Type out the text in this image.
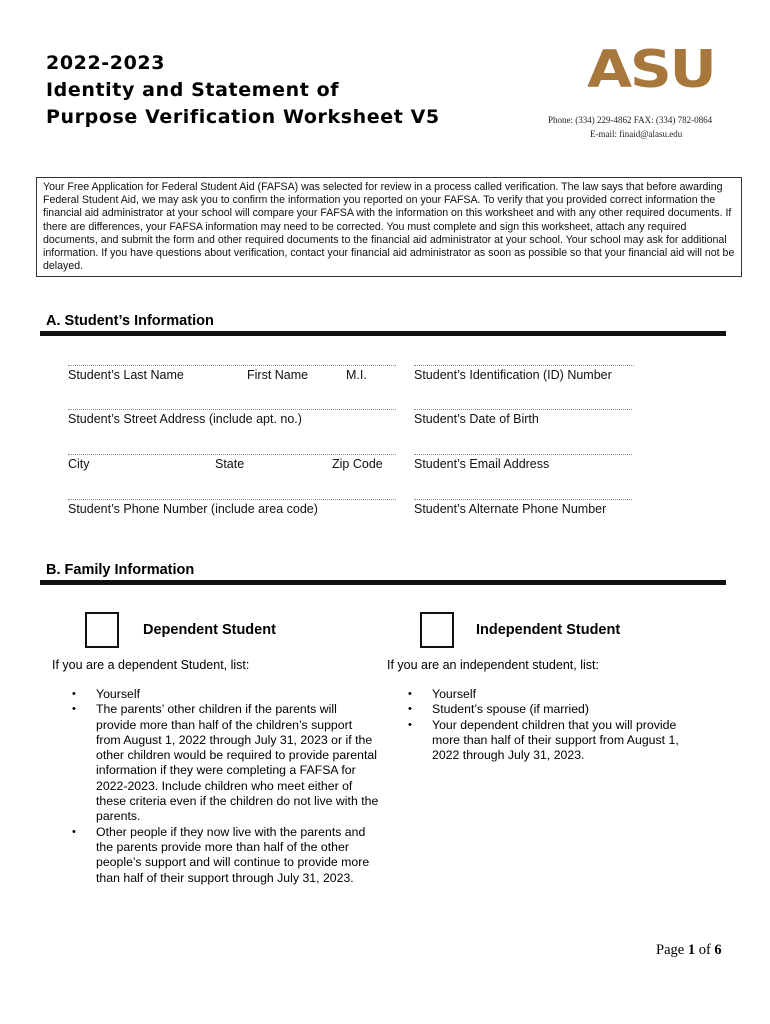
2022-2023
Identity and Statement of
Purpose Verification Worksheet V5
ASU
Phone: (334) 229-4862 FAX: (334) 782-0864
E-mail: finaid@alasu.edu
Your Free Application for Federal Student Aid (FAFSA) was selected for review in a process called verification. The law says that before awarding Federal Student Aid, we may ask you to confirm the information you reported on your FAFSA. To verify that you provided correct information the financial aid administrator at your school will compare your FAFSA with the information on this worksheet and with any other required documents. If there are differences, your FAFSA information may need to be corrected. You must complete and sign this worksheet, attach any required documents, and submit the form and other required documents to the financial aid administrator at your school. Your school may ask for additional information. If you have questions about verification, contact your financial aid administrator as soon as possible so that your financial aid will not be delayed.
A. Student’s Information
Student’s Last Name	First Name	M.I.	Student’s Identification (ID) Number
Student’s Street Address (include apt. no.)	Student’s Date of Birth
City	State	Zip Code	Student’s Email Address
Student’s Phone Number (include area code)	Student’s Alternate Phone Number
B. Family Information
Dependent Student
If you are a dependent Student, list:
• Yourself
• The parents’ other children if the parents will provide more than half of the children’s support from August 1, 2022 through July 31, 2023 or if the other children would be required to provide parental information if they were completing a FAFSA for 2022-2023. Include children who meet either of these criteria even if the children do not live with the parents.
• Other people if they now live with the parents and the parents provide more than half of the other people’s support and will continue to provide more than half of their support through July 31, 2023.
Independent Student
If you are an independent student, list:
• Yourself
• Student’s spouse (if married)
• Your dependent children that you will provide more than half of their support from August 1, 2022 through July 31, 2023.
Page 1 of 6
